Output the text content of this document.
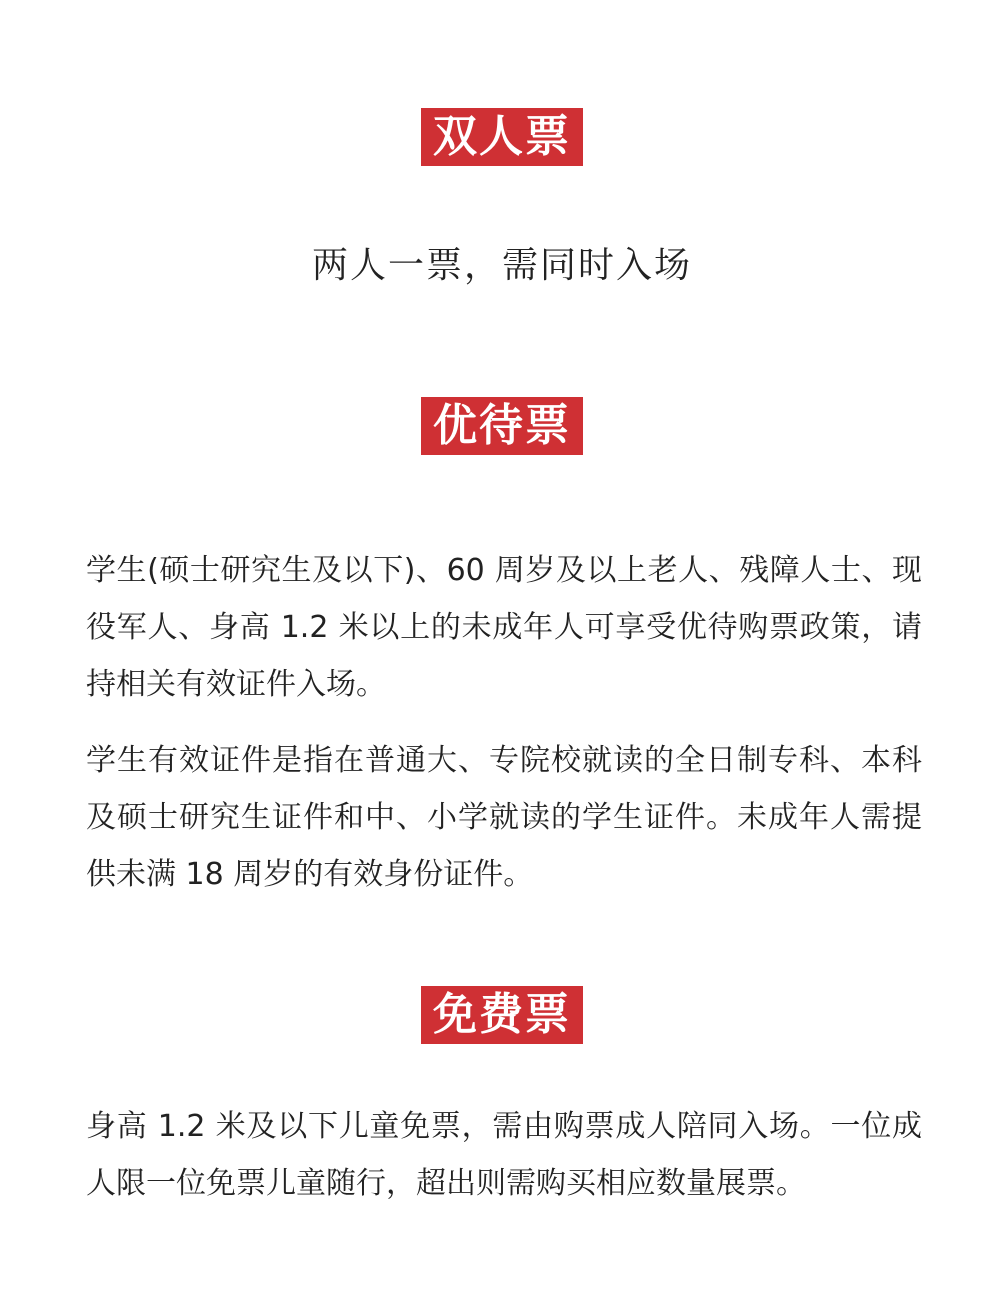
双人票
两人一票，需同时入场
优待票

学生(硕士研究生及以下)、60 周岁及以上老人、残障人士、现役军人、身高 1.2 米以上的未成年人可享受优待购票政策，请持相关有效证件入场。

学生有效证件是指在普通大、专院校就读的全日制专科、本科及硕士研究生证件和中、小学就读的学生证件。未成年人需提供未满 18 周岁的有效身份证件。

免费票

身高 1.2 米及以下儿童免票，需由购票成人陪同入场。一位成人限一位免票儿童随行，超出则需购买相应数量展票。
